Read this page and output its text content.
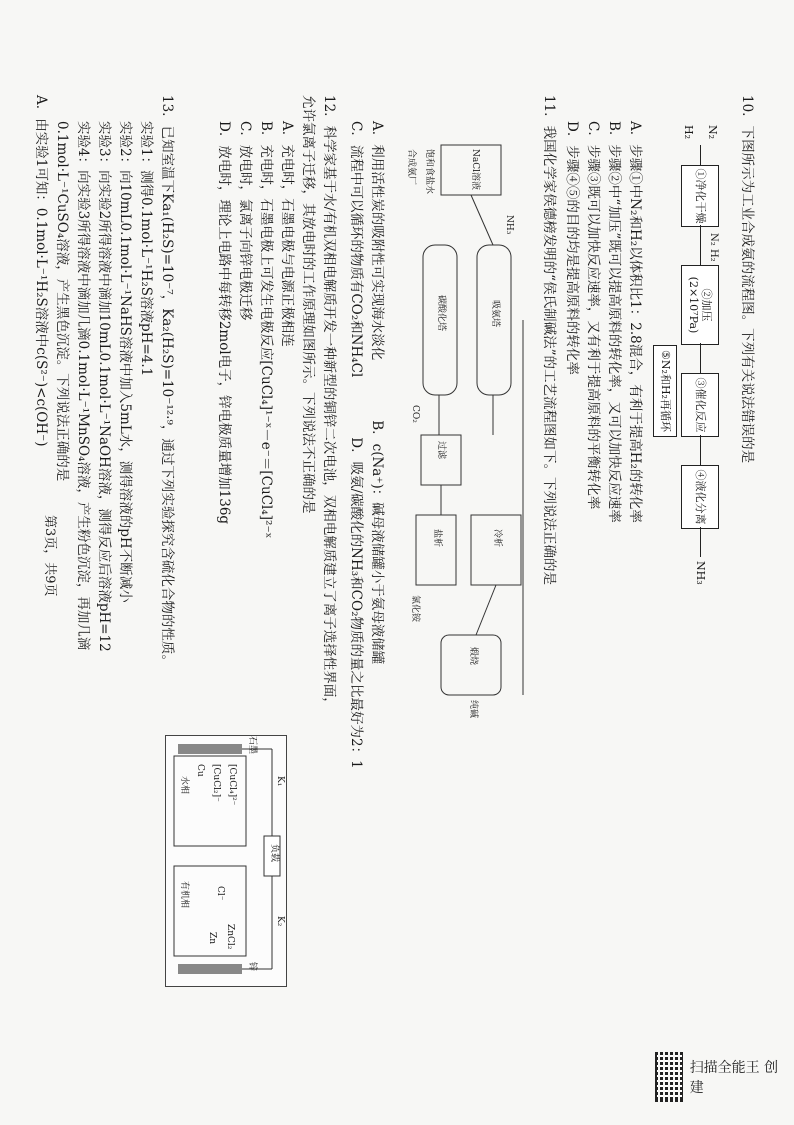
10．下图所示为工业合成氨的流程图。下列有关说法错误的是
N₂
H₂
①净化干燥
N₂ H₂
②加压(2×10⁷Pa)
③催化反应
④液化分离
NH₃
⑤N₂和H₂再循环
A．步骤①中N₂和H₂以体积比1：2.8混合，有利于提高H₂的转化率
B．步骤②中“加压”既可以提高原料的转化率，又可以加快反应速率
C．步骤③既可以加快反应速率，又有利于提高原料的平衡转化率
D．步骤④⑤的目的均是提高原料的转化率
11．我国化学家侯德榜发明的“侯氏制碱法”的工艺流程图如下。下列说法正确的是
NaCl溶液
NH₃
吸氨塔
碳酸化塔
CO₂
过滤
冷析
盐析
氯化铵
煅烧
纯碱
饱和食盐水
合成氨厂
A．利用活性炭的吸附性可实现海水淡化
B．c(Na⁺)：碱母液储罐小于氨母液储罐
C．流程中可以循环的物质有CO₂和NH₄Cl
D．吸氨/碳酸化的NH₃和CO₂物质的量之比最好为2：1
12．科学家基于水/有机双相电解质开发一种新型的铜锌二次电池，双相电解质建立了离子选择性界面，
允许氯离子迁移，其放电时的工作原理如图所示。下列说法不正确的是
A．充电时，石墨电极与电源正极相连
B．充电时，石墨电极上可发生电极反应[CuCl₄]¹⁻ˣ－e⁻＝[CuCl₄]²⁻ˣ
C．放电时，氯离子向锌电极迁移
D．放电时，理论上电路中每转移2mol电子，锌电极质量增加136g
负载
K₁
K₂
[CuCl₄]²⁻
[CuCl₂]⁻
Cu
水相
Cl⁻
有机相
ZnCl₂
Zn
石墨
锌
13．已知室温下Ka₁(H₂S)=10⁻⁷，Ka₂(H₂S)=10⁻¹²·⁹，通过下列实验探究含硫化合物的性质。
实验1：测得0.1mol·L⁻¹H₂S溶液pH=4.1
实验2：向10mL0.1mol·L⁻¹NaHS溶液中加入5mL水，测得溶液的pH不断减小
实验3：向实验2所得溶液中滴加10mL0.1mol·L⁻¹NaOH溶液，测得反应后溶液pH=12
实验4：向实验3所得溶液中滴加几滴0.1mol·L⁻¹MnSO₄溶液，产生粉色沉淀，再加几滴
0.1mol·L⁻¹CuSO₄溶液，产生黑色沉淀。下列说法正确的是
A．由实验1可知：0.1mol·L⁻¹H₂S溶液中c(S²⁻)<c(OH⁻)
第3页，共9页
扫描全能王 创建
